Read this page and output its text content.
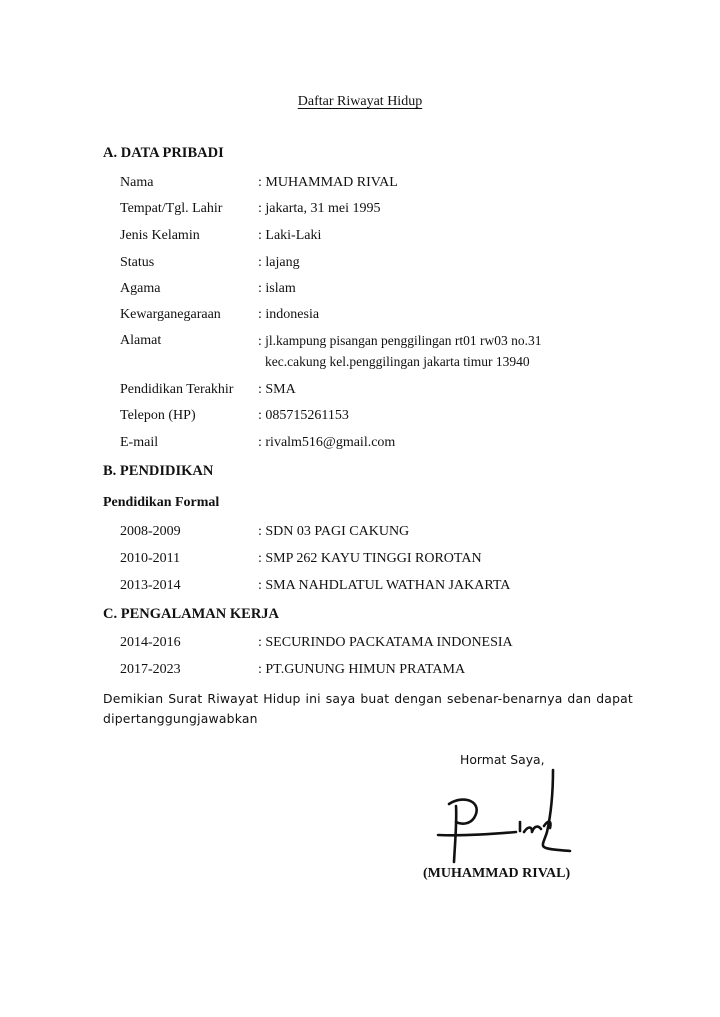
Daftar Riwayat Hidup
A. DATA PRIBADI
Nama	: MUHAMMAD RIVAL
Tempat/Tgl. Lahir	: jakarta, 31 mei 1995
Jenis Kelamin	: Laki-Laki
Status	: lajang
Agama	: islam
Kewarganegaraan	: indonesia
Alamat	: jl.kampung pisangan penggilingan rt01 rw03 no.31
kec.cakung kel.penggilingan jakarta timur 13940
Pendidikan Terakhir : SMA
Telepon (HP)	: 085715261153
E-mail	: rivalm516@gmail.com
B. PENDIDIKAN
Pendidikan Formal
2008-2009	: SDN 03 PAGI CAKUNG
2010-2011	: SMP 262 KAYU TINGGI ROROTAN
2013-2014	: SMA NAHDLATUL WATHAN JAKARTA
C. PENGALAMAN KERJA
2014-2016	: SECURINDO PACKATAMA INDONESIA
2017-2023	: PT.GUNUNG HIMUN PRATAMA
Demikian Surat Riwayat Hidup ini saya buat dengan sebenar-benarnya dan dapat
dipertanggungjawabkan
Hormat Saya,
(MUHAMMAD RIVAL)
